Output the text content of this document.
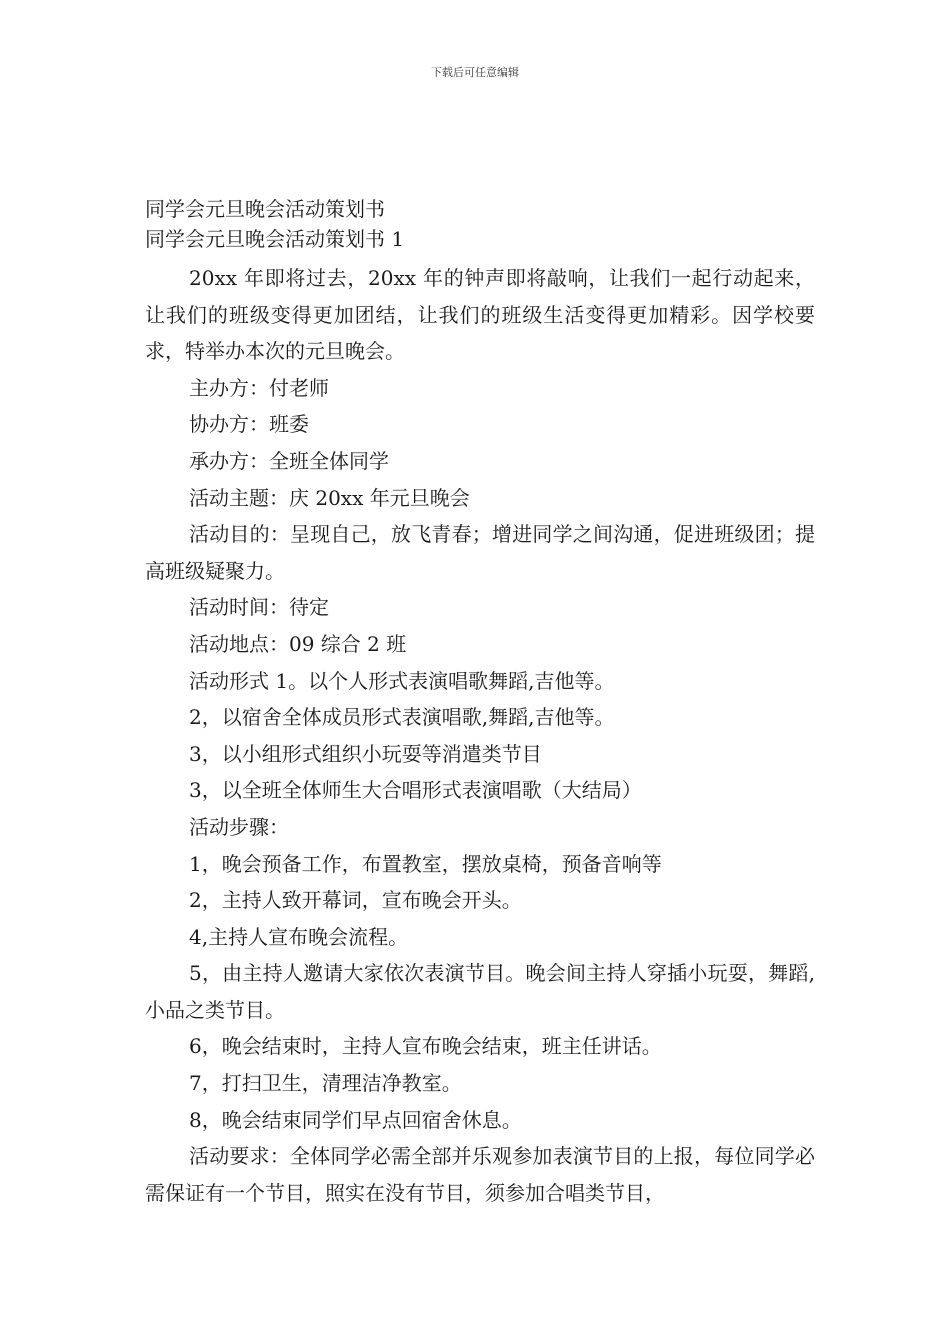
下载后可任意编辑
同学会元旦晚会活动策划书
同学会元旦晚会活动策划书 1

20xx 年即将过去，20xx 年的钟声即将敲响，让我们一起行动起来，让我们的班级变得更加团结，让我们的班级生活变得更加精彩。因学校要求，特举办本次的元旦晚会。

主办方：付老师

协办方：班委

承办方：全班全体同学

活动主题：庆 20xx 年元旦晚会

活动目的：呈现自己，放飞青春；增进同学之间沟通，促进班级团；提高班级疑聚力。

活动时间：待定

活动地点：09 综合 2 班

活动形式 1。以个人形式表演唱歌舞蹈,吉他等。

2，以宿舍全体成员形式表演唱歌,舞蹈,吉他等。

3，以小组形式组织小玩耍等消遣类节目

3，以全班全体师生大合唱形式表演唱歌（大结局）

活动步骤：

1，晚会预备工作，布置教室，摆放桌椅，预备音响等

2，主持人致开幕词，宣布晚会开头。

4,主持人宣布晚会流程。

5，由主持人邀请大家依次表演节目。晚会间主持人穿插小玩耍，舞蹈,小品之类节目。

6，晚会结束时，主持人宣布晚会结束，班主任讲话。

7，打扫卫生，清理洁净教室。

8，晚会结束同学们早点回宿舍休息。

活动要求：全体同学必需全部并乐观参加表演节目的上报，每位同学必需保证有一个节目，照实在没有节目，须参加合唱类节目，
